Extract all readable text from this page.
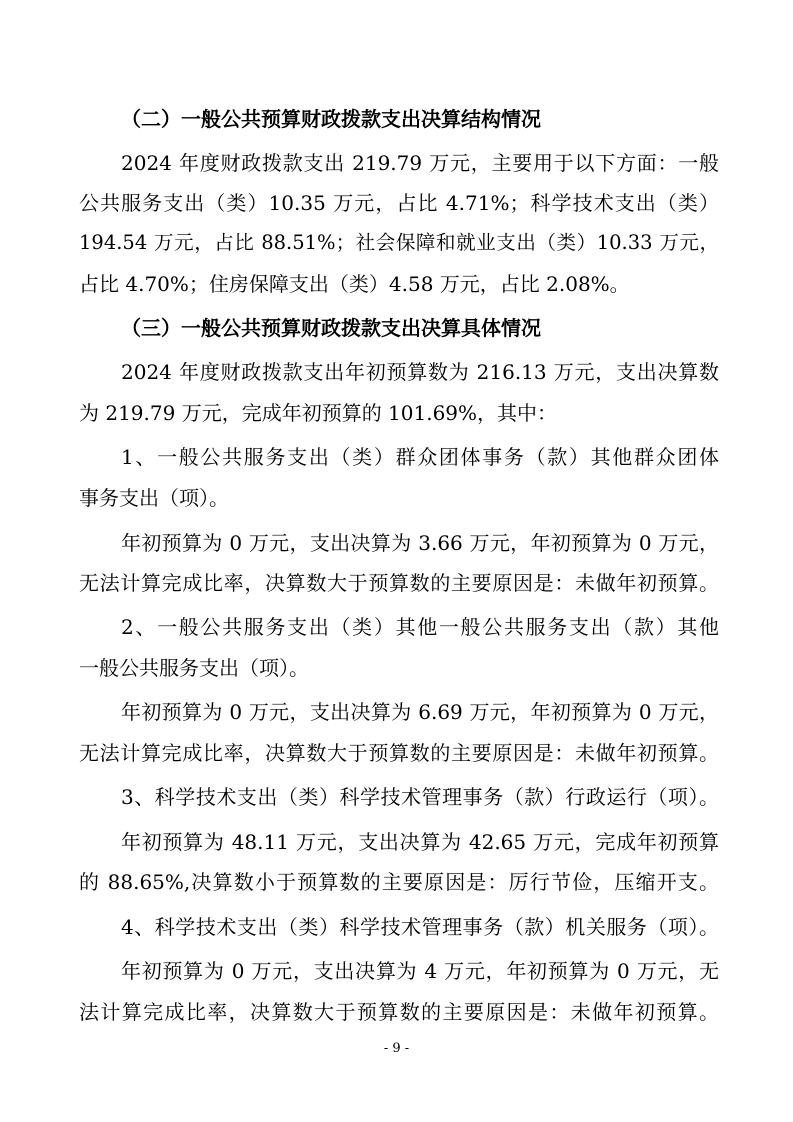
（二）一般公共预算财政拨款支出决算结构情况
2024 年度财政拨款支出 219.79 万元，主要用于以下方面：一般
公共服务支出（类）10.35 万元，占比 4.71%；科学技术支出（类）
194.54 万元，占比 88.51%；社会保障和就业支出（类）10.33 万元，
占比 4.70%；住房保障支出（类）4.58 万元，占比 2.08%。
（三）一般公共预算财政拨款支出决算具体情况
2024 年度财政拨款支出年初预算数为 216.13 万元，支出决算数
为 219.79 万元，完成年初预算的 101.69%，其中：
1、一般公共服务支出（类）群众团体事务（款）其他群众团体
事务支出（项）。
年初预算为 0 万元，支出决算为 3.66 万元，年初预算为 0 万元，
无法计算完成比率，决算数大于预算数的主要原因是：未做年初预算。
2、一般公共服务支出（类）其他一般公共服务支出（款）其他
一般公共服务支出（项）。
年初预算为 0 万元，支出决算为 6.69 万元，年初预算为 0 万元，
无法计算完成比率，决算数大于预算数的主要原因是：未做年初预算。
3、科学技术支出（类）科学技术管理事务（款）行政运行（项）。
年初预算为 48.11 万元，支出决算为 42.65 万元，完成年初预算
的 88.65%,决算数小于预算数的主要原因是：厉行节俭，压缩开支。
4、科学技术支出（类）科学技术管理事务（款）机关服务（项）。
年初预算为 0 万元，支出决算为 4 万元，年初预算为 0 万元，无
法计算完成比率，决算数大于预算数的主要原因是：未做年初预算。
- 9 -
